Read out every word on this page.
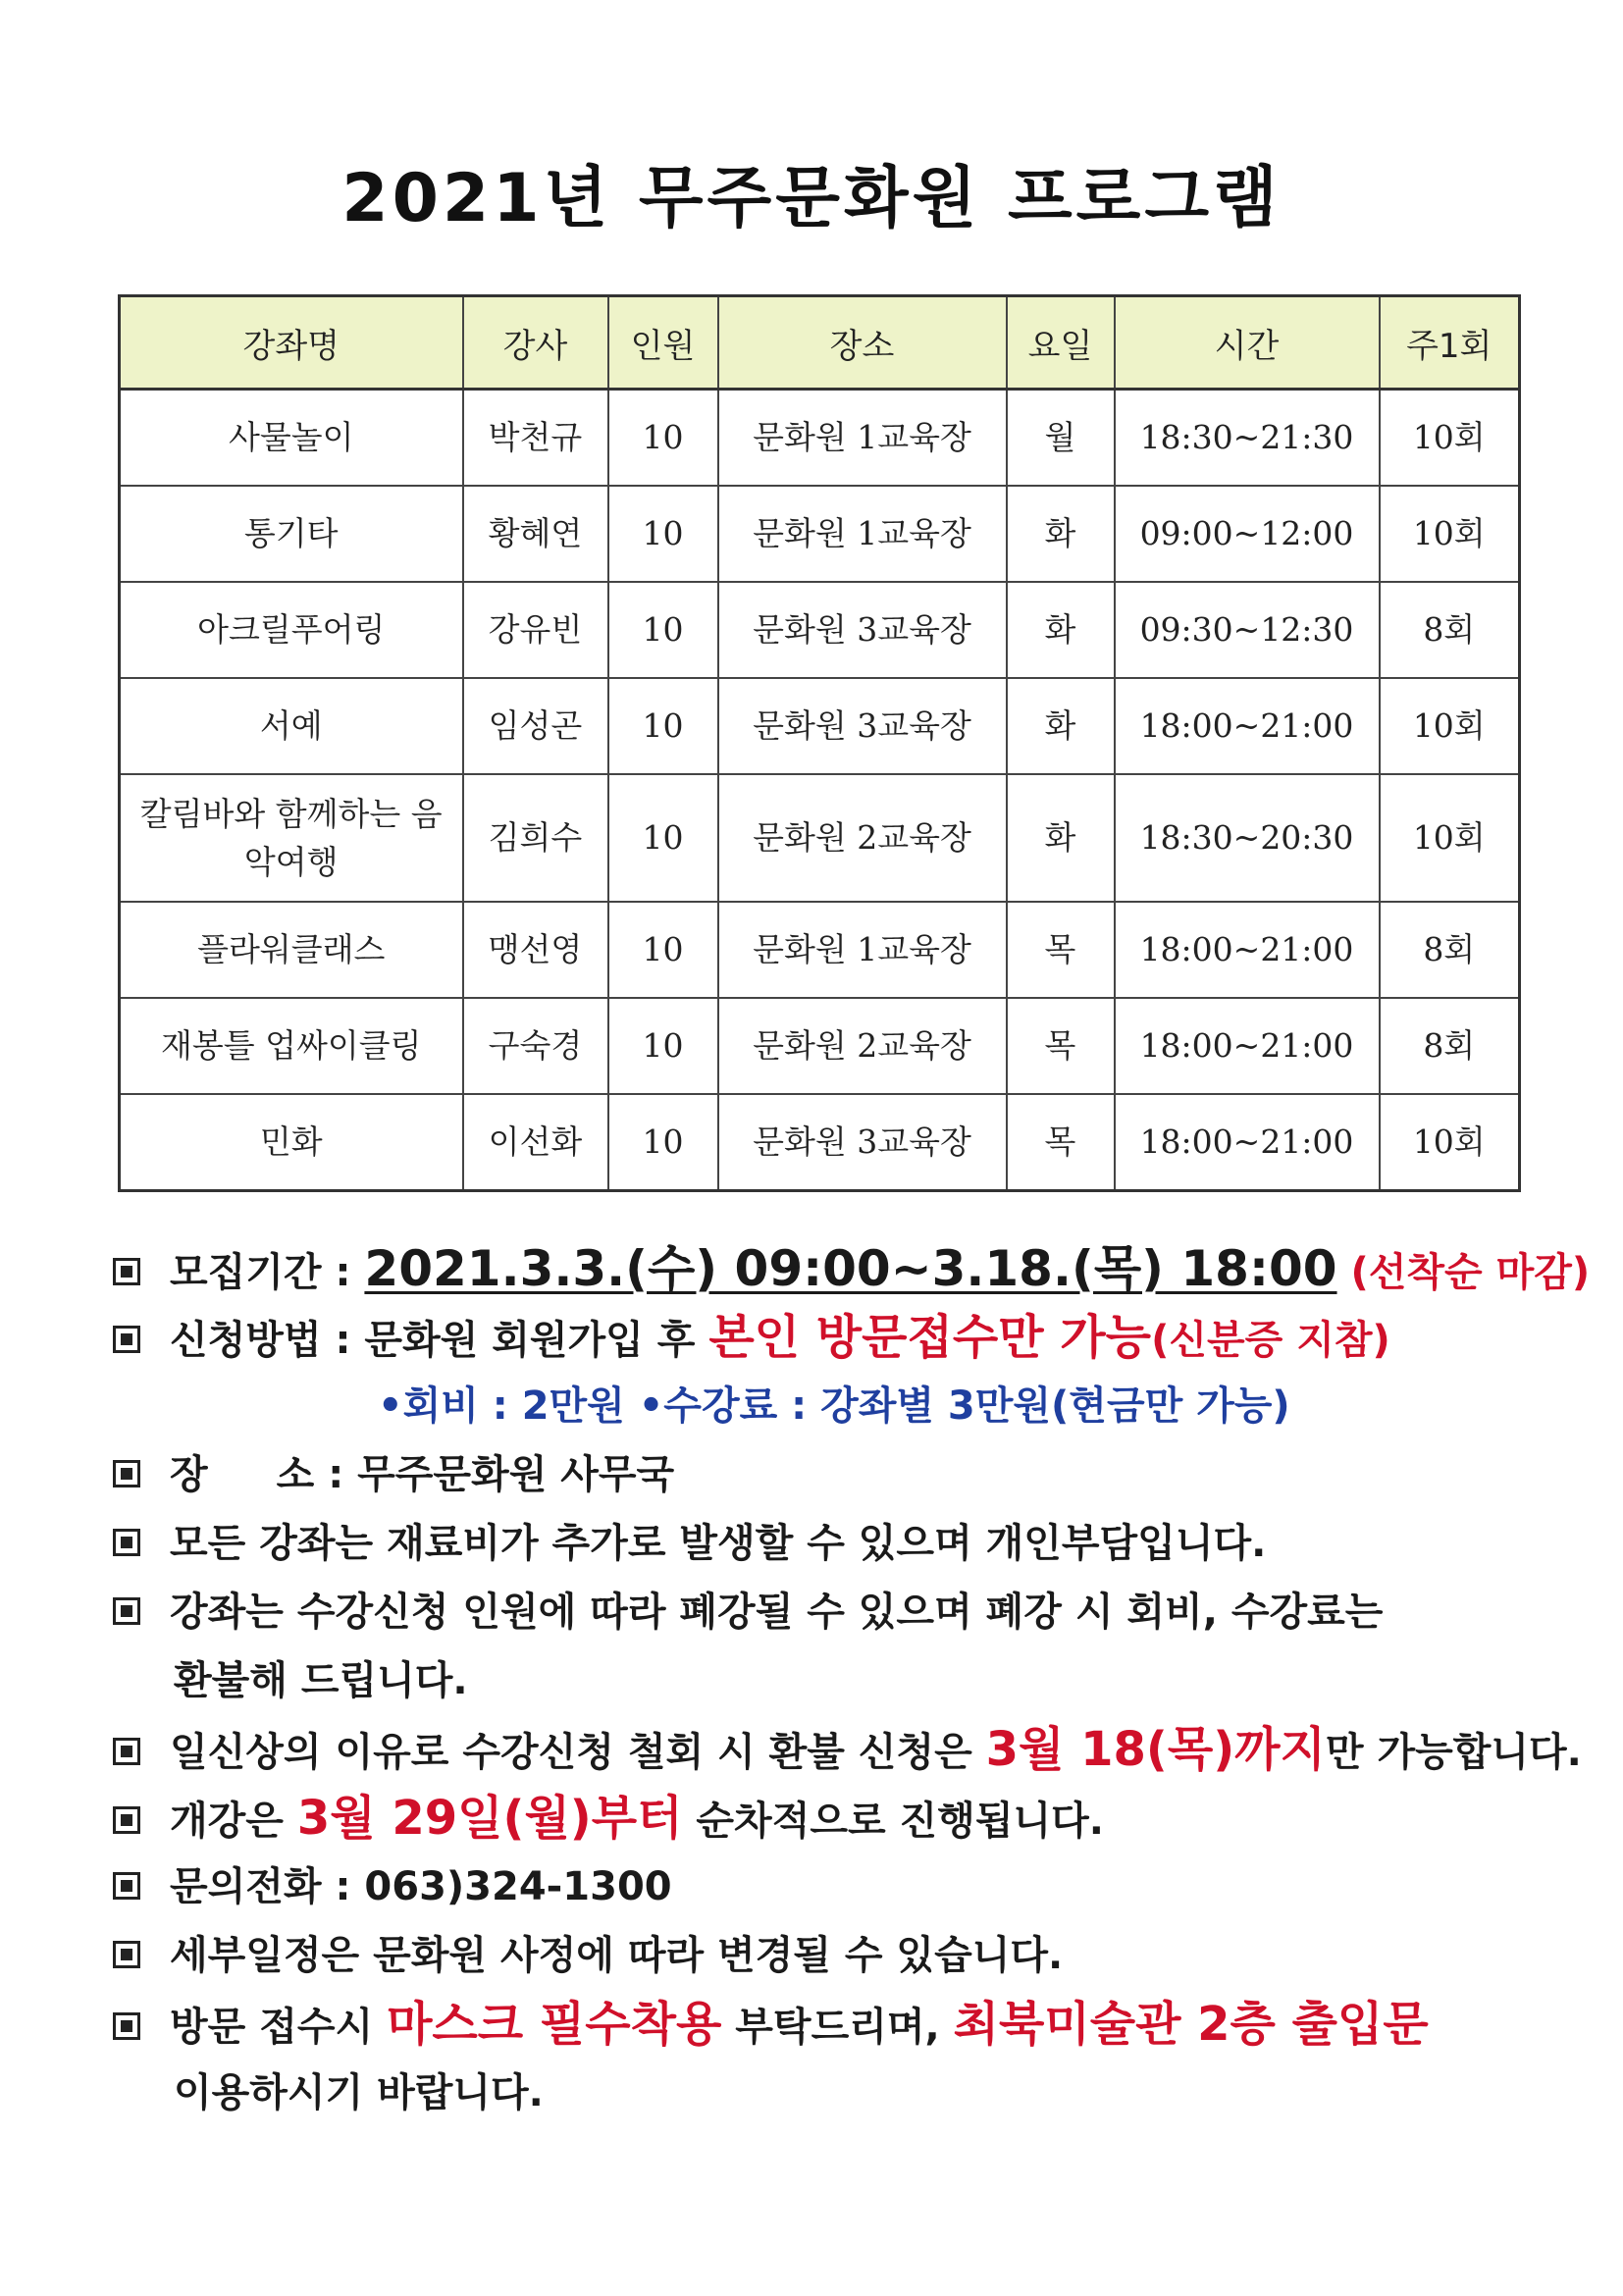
2021년 무주문화원 프로그램
강좌명	강사	인원	장소	요일	시간	주1회
사물놀이	박천규	10	문화원 1교육장	월	18:30~21:30	10회
통기타	황혜연	10	문화원 1교육장	화	09:00~12:00	10회
아크릴푸어링	강유빈	10	문화원 3교육장	화	09:30~12:30	8회
서예	임성곤	10	문화원 3교육장	화	18:00~21:00	10회
칼림바와 함께하는 음악여행	김희수	10	문화원 2교육장	화	18:30~20:30	10회
플라워클래스	맹선영	10	문화원 1교육장	목	18:00~21:00	8회
재봉틀 업싸이클링	구숙경	10	문화원 2교육장	목	18:00~21:00	8회
민화	이선화	10	문화원 3교육장	목	18:00~21:00	10회
모집기간 : 2021.3.3.(수) 09:00~3.18.(목) 18:00 (선착순 마감)
신청방법 : 문화원 회원가입 후 본인 방문접수만 가능(신분증 지참)
•회비 : 2만원 •수강료 : 강좌별 3만원(현금만 가능)
장 소 : 무주문화원 사무국
모든 강좌는 재료비가 추가로 발생할 수 있으며 개인부담입니다.
강좌는 수강신청 인원에 따라 폐강될 수 있으며 폐강 시 회비, 수강료는
환불해 드립니다.
일신상의 이유로 수강신청 철회 시 환불 신청은 3월 18(목)까지만 가능합니다.
개강은 3월 29일(월)부터 순차적으로 진행됩니다.
문의전화 : 063)324-1300
세부일정은 문화원 사정에 따라 변경될 수 있습니다.
방문 접수시 마스크 필수착용 부탁드리며, 최북미술관 2층 출입문
이용하시기 바랍니다.
